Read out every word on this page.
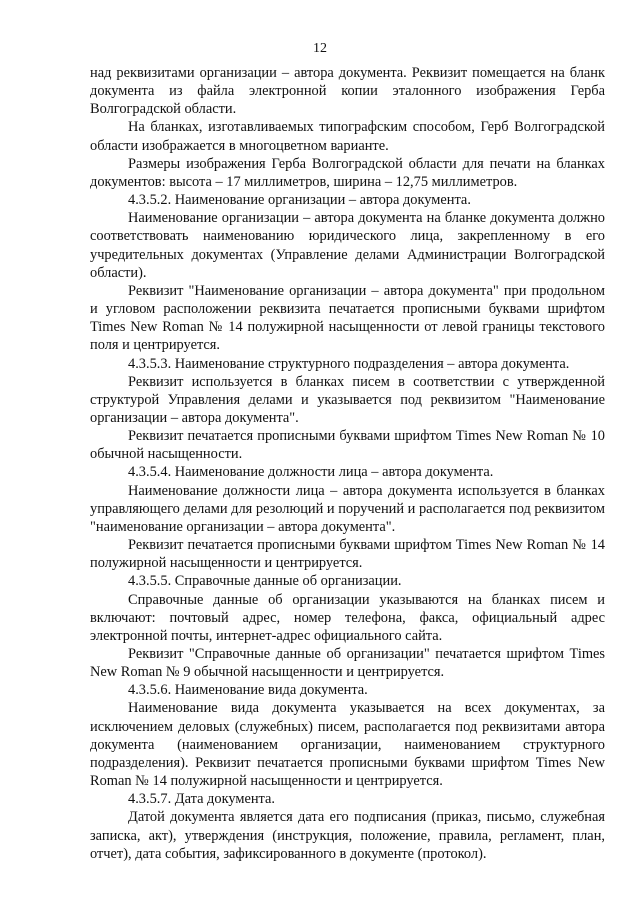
12

над реквизитами организации – автора документа. Реквизит помещается на бланк документа из файла электронной копии эталонного изображения Герба Волгоградской области.

На бланках, изготавливаемых типографским способом, Герб Волгоградской области изображается в многоцветном варианте.

Размеры изображения Герба Волгоградской области для печати на бланках документов: высота – 17 миллиметров, ширина – 12,75 миллиметров.

4.3.5.2. Наименование организации – автора документа.

Наименование организации – автора документа на бланке документа должно соответствовать наименованию юридического лица, закрепленному в его учредительных документах (Управление делами Администрации Волгоградской области).

Реквизит "Наименование организации – автора документа" при продольном и угловом расположении реквизита печатается прописными буквами шрифтом Times New Roman № 14 полужирной насыщенности от левой границы текстового поля и центрируется.

4.3.5.3. Наименование структурного подразделения – автора документа.

Реквизит используется в бланках писем в соответствии с утвержденной структурой Управления делами и указывается под реквизитом "Наименование организации – автора документа".

Реквизит печатается прописными буквами шрифтом Times New Roman № 10 обычной насыщенности.

4.3.5.4. Наименование должности лица – автора документа.

Наименование должности лица – автора документа используется в бланках управляющего делами для резолюций и поручений и располагается под реквизитом "наименование организации – автора документа".

Реквизит печатается прописными буквами шрифтом Times New Roman № 14 полужирной насыщенности и центрируется.

4.3.5.5. Справочные данные об организации.

Справочные данные об организации указываются на бланках писем и включают: почтовый адрес, номер телефона, факса, официальный адрес электронной почты, интернет-адрес официального сайта.

Реквизит "Справочные данные об организации" печатается шрифтом Times New Roman № 9 обычной насыщенности и центрируется.

4.3.5.6. Наименование вида документа.

Наименование вида документа указывается на всех документах, за исключением деловых (служебных) писем, располагается под реквизитами автора документа (наименованием организации, наименованием структурного подразделения). Реквизит печатается прописными буквами шрифтом Times New Roman № 14 полужирной насыщенности и центрируется.

4.3.5.7. Дата документа.

Датой документа является дата его подписания (приказ, письмо, служебная записка, акт), утверждения (инструкция, положение, правила, регламент, план, отчет), дата события, зафиксированного в документе (протокол).
